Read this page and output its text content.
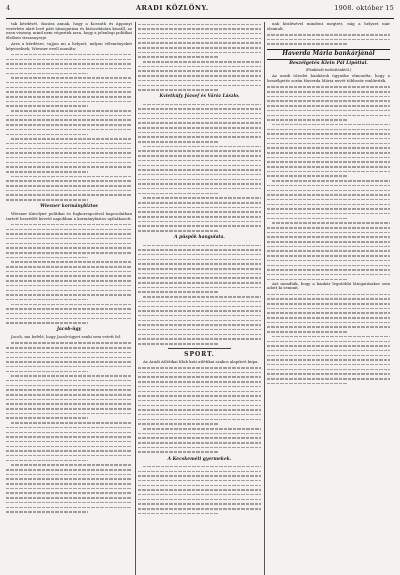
4	ARADI KÖZLÖNY.	1908. október 15

tak kérdését, dacára annak, hogy a Kossuth és Apponyi vezérlete alatt levő párt támogatása és biztosítására kiszáll, az ezen viszony, mind nem végeztek arra, hogy a jelenlegi politikai életben visszanyerje.

Arra a kérdésre, vajjon mi a helyzet, milyen véleményeket képviselnek, Wiesner erről mondta:

Wiesner kormánybiztos

Wiesner Károlyné politikai és fogkorrupcióval kapcsolatban tartott beszédét követő napokban a kormánybiztos nyilatkozott.

Jacob-ügy

Jacob, ma befelé, hogy Jacob-ügyet senki sem vetett fel.

Kvietkúfy József és Váróz Lászlo.
A püspök hangulata.
SPORT.

Az Aradi Atlétikai Klub kuti atlétikai szakos alapított kupa.

A Kecskeméti gyermekek.

nak közlésével mindent megtett, míg a helyzet már elsimult.

Haverda Mária bankárjánál
Beszélgetés Klein Pál Lipóttal.
(Pünkösdi tudósítónktól.)

Az aradi tőzsdei bankárok ügynöke elmondta, hogy a beszélgetés során Haverda Mária nevét többször említették.

Azt mondták, hogy a bankár legutóbbi látogatásakor sem adott ki semmit.
